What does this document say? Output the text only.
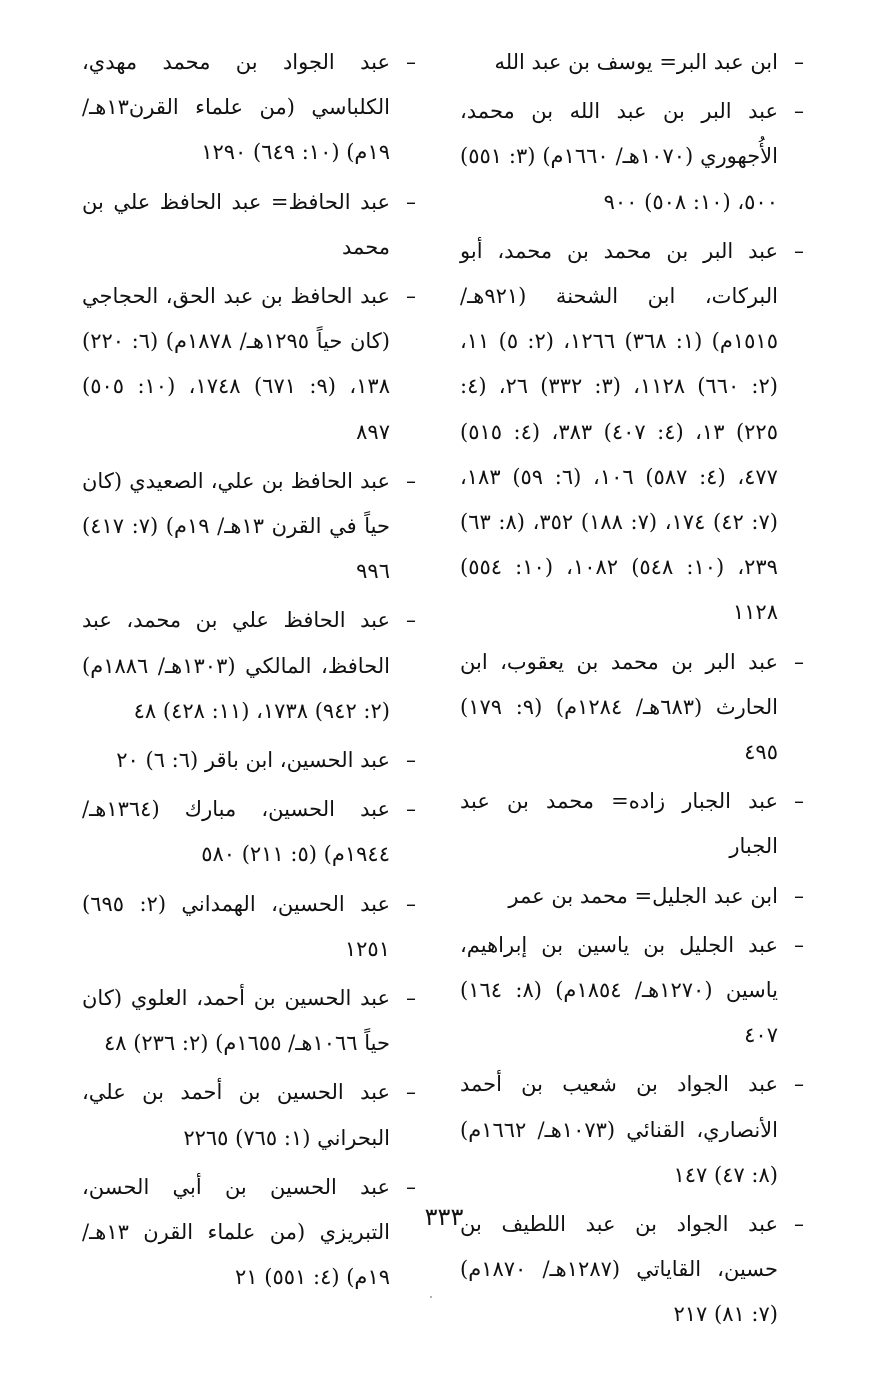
–
ابن عبد البر= يوسف بن عبد الله
–
عبد البر بن عبد الله بن محمد، الأُجهوري (١٠٧٠هـ/ ١٦٦٠م) (٣: ٥٥١) ٥٠٠، (١٠: ٥٠٨) ٩٠٠
–
عبد البر بن محمد بن محمد، أبو البركات، ابن الشحنة (٩٢١هـ/ ١٥١٥م) (١: ٣٦٨) ١٢٦٦، (٢: ٥) ١١، (٢: ٦٦٠) ١١٢٨، (٣: ٣٣٢) ٢٦، (٤: ٢٢٥) ١٣، (٤: ٤٠٧) ٣٨٣، (٤: ٥١٥) ٤٧٧، (٤: ٥٨٧) ١٠٦، (٦: ٥٩) ١٨٣، (٧: ٤٢) ١٧٤، (٧: ١٨٨) ٣٥٢، (٨: ٦٣) ٢٣٩، (١٠: ٥٤٨) ١٠٨٢، (١٠: ٥٥٤) ١١٢٨
–
عبد البر بن محمد بن يعقوب، ابن الحارث (٦٨٣هـ/ ١٢٨٤م) (٩: ١٧٩) ٤٩٥
–
عبد الجبار زاده= محمد بن عبد الجبار
–
ابن عبد الجليل= محمد بن عمر
–
عبد الجليل بن ياسين بن إبراهيم، ياسين (١٢٧٠هـ/ ١٨٥٤م) (٨: ١٦٤) ٤٠٧
–
عبد الجواد بن شعيب بن أحمد الأنصاري، القنائي (١٠٧٣هـ/ ١٦٦٢م) (٨: ٤٧) ١٤٧
–
عبد الجواد بن عبد اللطيف بن حسين، القاياتي (١٢٨٧هـ/ ١٨٧٠م) (٧: ٨١) ٢١٧
–
عبد الجواد بن محمد مهدي، الكلباسي (من علماء القرن١٣هـ/ ١٩م) (١٠: ٦٤٩) ١٢٩٠
–
عبد الحافظ= عبد الحافظ علي بن محمد
–
عبد الحافظ بن عبد الحق، الحجاجي (كان حياً ١٢٩٥هـ/ ١٨٧٨م) (٦: ٢٢٠) ١٣٨، (٩: ٦٧١) ١٧٤٨، (١٠: ٥٠٥) ٨٩٧
–
عبد الحافظ بن علي، الصعيدي (كان حياً في القرن ١٣هـ/ ١٩م) (٧: ٤١٧) ٩٩٦
–
عبد الحافظ علي بن محمد، عبد الحافظ، المالكي (١٣٠٣هـ/ ١٨٨٦م) (٢: ٩٤٢) ١٧٣٨، (١١: ٤٢٨) ٤٨
–
عبد الحسين، ابن باقر (٦: ٦) ٢٠
–
عبد الحسين، مبارك (١٣٦٤هـ/ ١٩٤٤م) (٥: ٢١١) ٥٨٠
–
عبد الحسين، الهمداني (٢: ٦٩٥) ١٢٥١
–
عبد الحسين بن أحمد، العلوي (كان حياً ١٠٦٦هـ/ ١٦٥٥م) (٢: ٢٣٦) ٤٨
–
عبد الحسين بن أحمد بن علي، البحراني (١: ٧٦٥) ٢٢٦٥
–
عبد الحسين بن أبي الحسن، التبريزي (من علماء القرن ١٣هـ/ ١٩م) (٤: ٥٥١) ٢١
٣٣٣
